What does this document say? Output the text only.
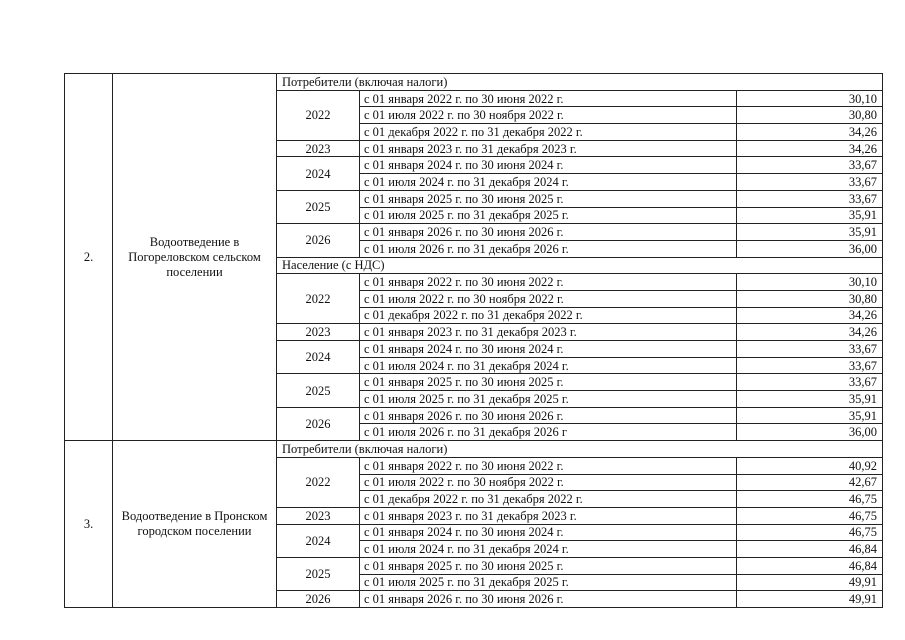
2.	Водоотведение в Погореловском сельском поселении	Потребители (включая налоги)		
		2022	с 01 января 2022 г. по 30 июня 2022 г.	30,10
			с 01 июля 2022 г. по 30 ноября 2022 г.	30,80
			с 01 декабря 2022 г. по 31 декабря 2022 г.	34,26
		2023	с 01 января 2023 г. по 31 декабря 2023 г.	34,26
		2024	с 01 января 2024 г. по 30 июня 2024 г.	33,67
			с 01 июля 2024 г. по 31 декабря 2024 г.	33,67
		2025	с 01 января 2025 г. по 30 июня 2025 г.	33,67
			с 01 июля 2025 г. по 31 декабря 2025 г.	35,91
		2026	с 01 января 2026 г. по 30 июня 2026 г.	35,91
			с 01 июля 2026 г. по 31 декабря 2026 г.	36,00
		Население (с НДС)		
		2022	с 01 января 2022 г. по 30 июня 2022 г.	30,10
			с 01 июля 2022 г. по 30 ноября 2022 г.	30,80
			с 01 декабря 2022 г. по 31 декабря 2022 г.	34,26
		2023	с 01 января 2023 г. по 31 декабря 2023 г.	34,26
		2024	с 01 января 2024 г. по 30 июня 2024 г.	33,67
			с 01 июля 2024 г. по 31 декабря 2024 г.	33,67
		2025	с 01 января 2025 г. по 30 июня 2025 г.	33,67
			с 01 июля 2025 г. по 31 декабря 2025 г.	35,91
		2026	с 01 января 2026 г. по 30 июня 2026 г.	35,91
			с 01 июля 2026 г. по 31 декабря 2026 г	36,00
3.	Водоотведение в Пронском городском поселении	Потребители (включая налоги)		
		2022	с 01 января 2022 г. по 30 июня 2022 г.	40,92
			с 01 июля 2022 г. по 30 ноября 2022 г.	42,67
			с 01 декабря 2022 г. по 31 декабря 2022 г.	46,75
		2023	с 01 января 2023 г. по 31 декабря 2023 г.	46,75
		2024	с 01 января 2024 г. по 30 июня 2024 г.	46,75
			с 01 июля 2024 г. по 31 декабря 2024 г.	46,84
		2025	с 01 января 2025 г. по 30 июня 2025 г.	46,84
			с 01 июля 2025 г. по 31 декабря 2025 г.	49,91
		2026	с 01 января 2026 г. по 30 июня 2026 г.	49,91
